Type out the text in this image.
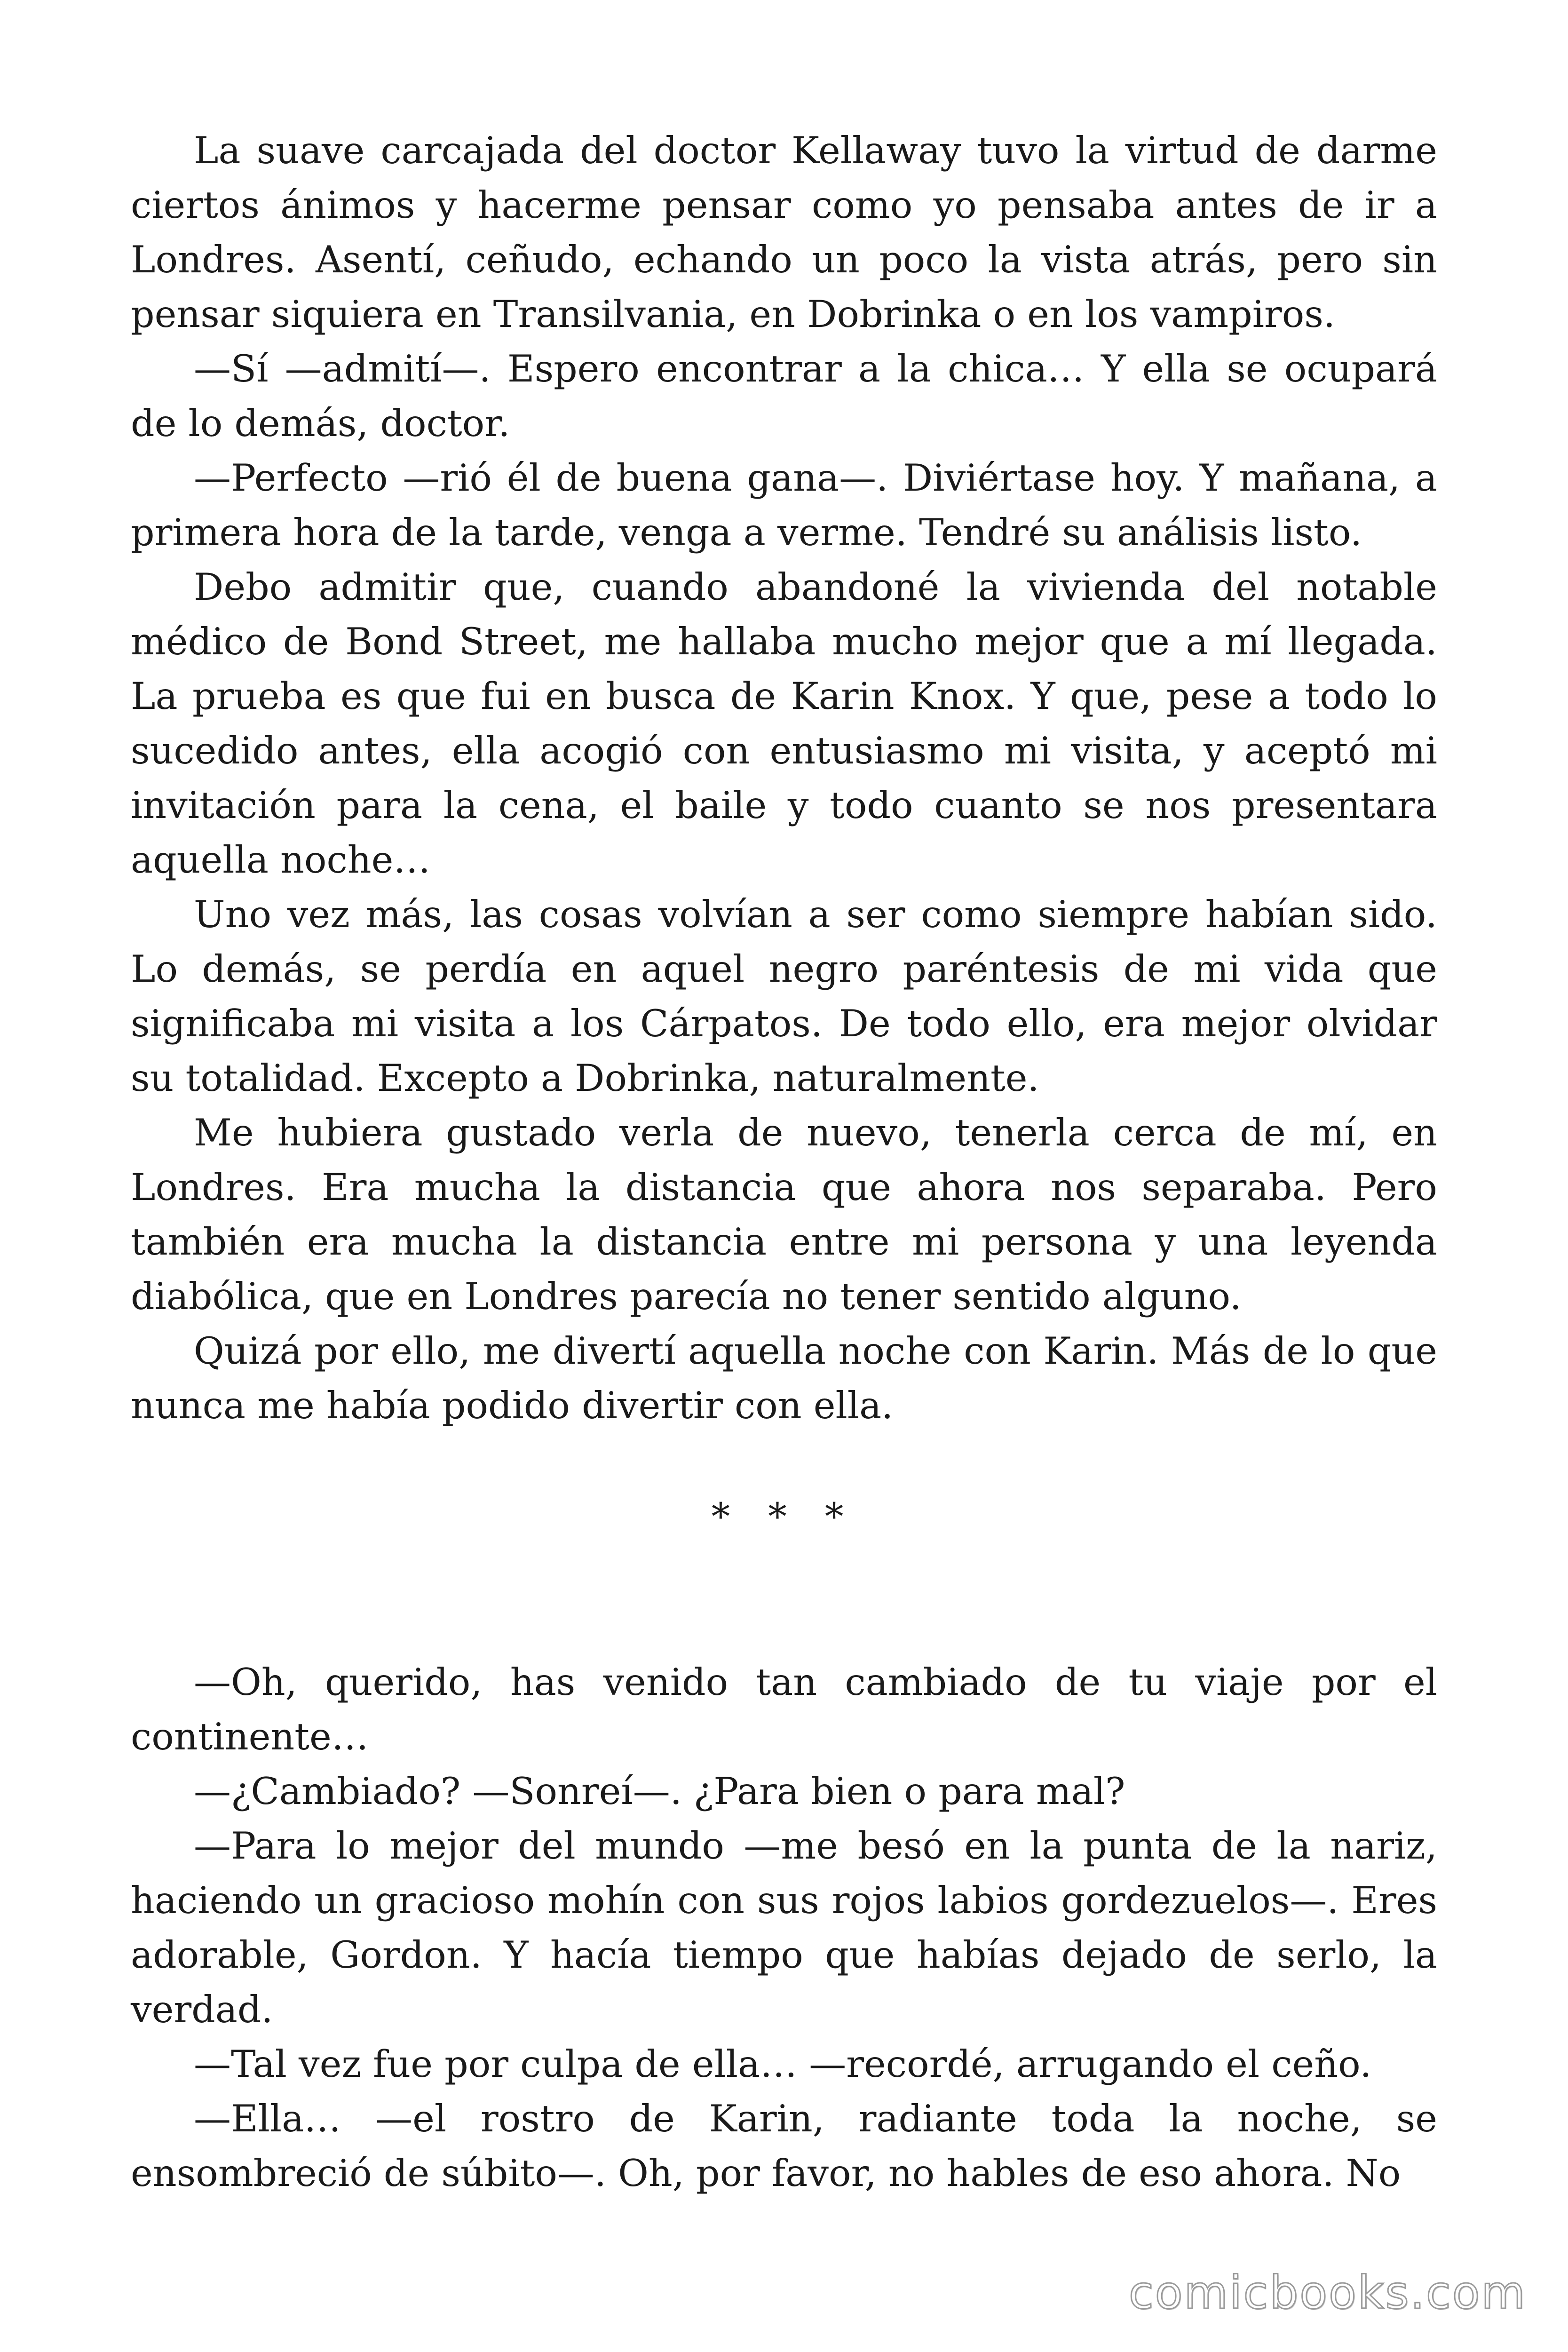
La suave carcajada del doctor Kellaway tuvo la virtud de darme ciertos ánimos y hacerme pensar como yo pensaba antes de ir a Londres. Asentí, ceñudo, echando un poco la vista atrás, pero sin pensar siquiera en Transilvania, en Dobrinka o en los vampiros.

—Sí —admití—. Espero encontrar a la chica… Y ella se ocupará de lo demás, doctor.

—Perfecto —rió él de buena gana—. Diviértase hoy. Y mañana, a primera hora de la tarde, venga a verme. Tendré su análisis listo.

Debo admitir que, cuando abandoné la vivienda del notable médico de Bond Street, me hallaba mucho mejor que a mí llegada. La prueba es que fui en busca de Karin Knox. Y que, pese a todo lo sucedido antes, ella acogió con entusiasmo mi visita, y aceptó mi invitación para la cena, el baile y todo cuanto se nos presentara aquella noche…

Uno vez más, las cosas volvían a ser como siempre habían sido. Lo demás, se perdía en aquel negro paréntesis de mi vida que significaba mi visita a los Cárpatos. De todo ello, era mejor olvidar su totalidad. Excepto a Dobrinka, naturalmente.

Me hubiera gustado verla de nuevo, tenerla cerca de mí, en Londres. Era mucha la distancia que ahora nos separaba. Pero también era mucha la distancia entre mi persona y una leyenda diabólica, que en Londres parecía no tener sentido alguno.

Quizá por ello, me divertí aquella noche con Karin. Más de lo que nunca me había podido divertir con ella.

* * *

—Oh, querido, has venido tan cambiado de tu viaje por el continente…

—¿Cambiado? —Sonreí—. ¿Para bien o para mal?

—Para lo mejor del mundo —me besó en la punta de la nariz, haciendo un gracioso mohín con sus rojos labios gordezuelos—. Eres adorable, Gordon. Y hacía tiempo que habías dejado de serlo, la verdad.

—Tal vez fue por culpa de ella… —recordé, arrugando el ceño.

—Ella… —el rostro de Karin, radiante toda la noche, se ensombreció de súbito—. Oh, por favor, no hables de eso ahora. No

comicbooks.com
